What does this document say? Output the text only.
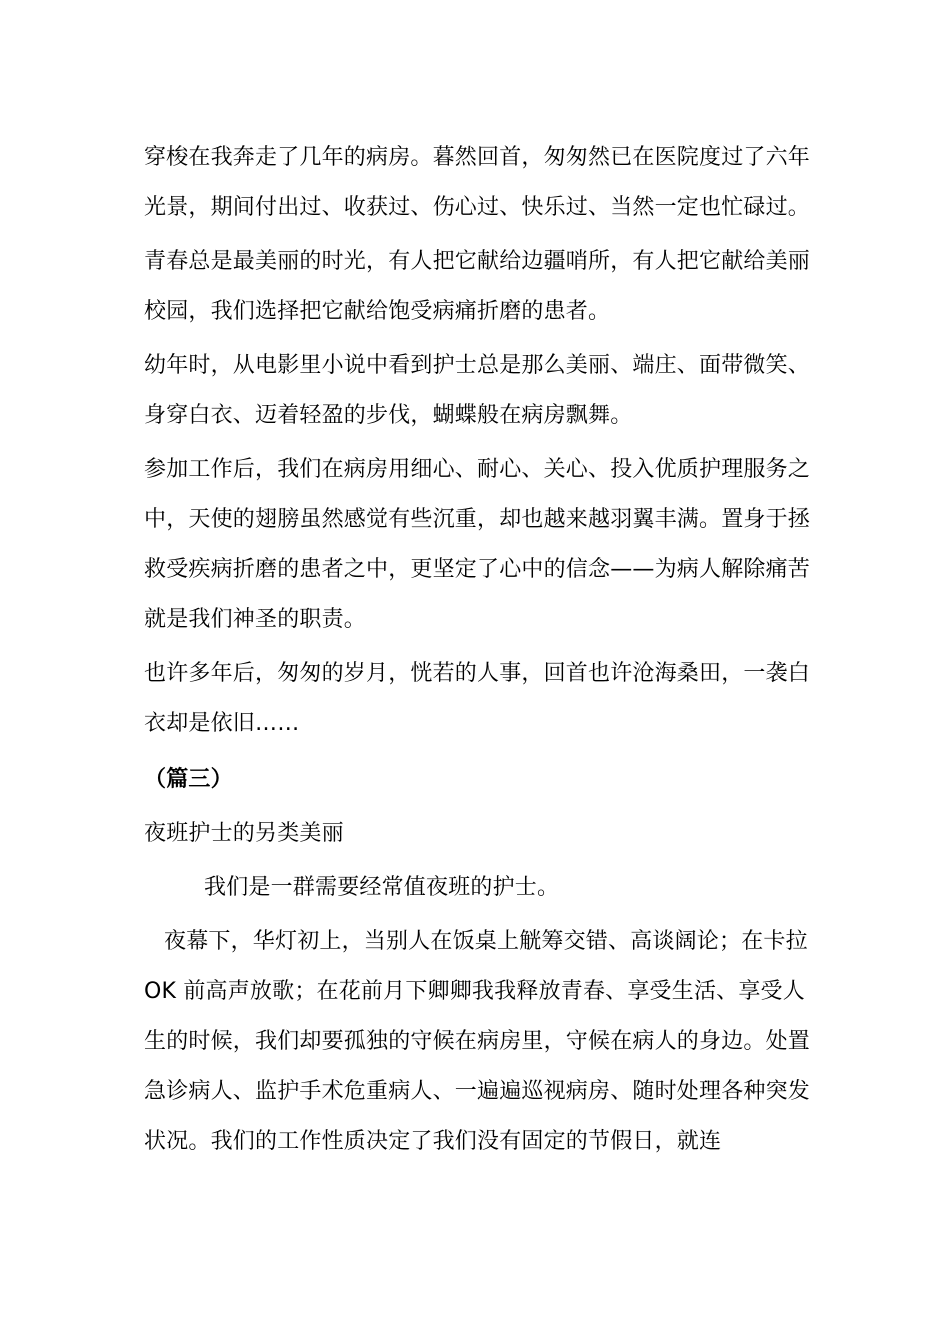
穿梭在我奔走了几年的病房。暮然回首，匆匆然已在医院度过了六年光景，期间付出过、收获过、伤心过、快乐过、当然一定也忙碌过。

青春总是最美丽的时光，有人把它献给边疆哨所，有人把它献给美丽校园，我们选择把它献给饱受病痛折磨的患者。

幼年时，从电影里小说中看到护士总是那么美丽、端庄、面带微笑、身穿白衣、迈着轻盈的步伐，蝴蝶般在病房飘舞。

参加工作后，我们在病房用细心、耐心、关心、投入优质护理服务之中，天使的翅膀虽然感觉有些沉重，却也越来越羽翼丰满。置身于拯救受疾病折磨的患者之中，更坚定了心中的信念——为病人解除痛苦就是我们神圣的职责。

也许多年后，匆匆的岁月，恍若的人事，回首也许沧海桑田，一袭白衣却是依旧……

（篇三）

夜班护士的另类美丽

我们是一群需要经常值夜班的护士。

夜幕下，华灯初上，当别人在饭桌上觥筹交错、高谈阔论；在卡拉 OK 前高声放歌；在花前月下卿卿我我释放青春、享受生活、享受人生的时候，我们却要孤独的守候在病房里，守候在病人的身边。处置急诊病人、监护手术危重病人、一遍遍巡视病房、随时处理各种突发状况。我们的工作性质决定了我们没有固定的节假日，就连
